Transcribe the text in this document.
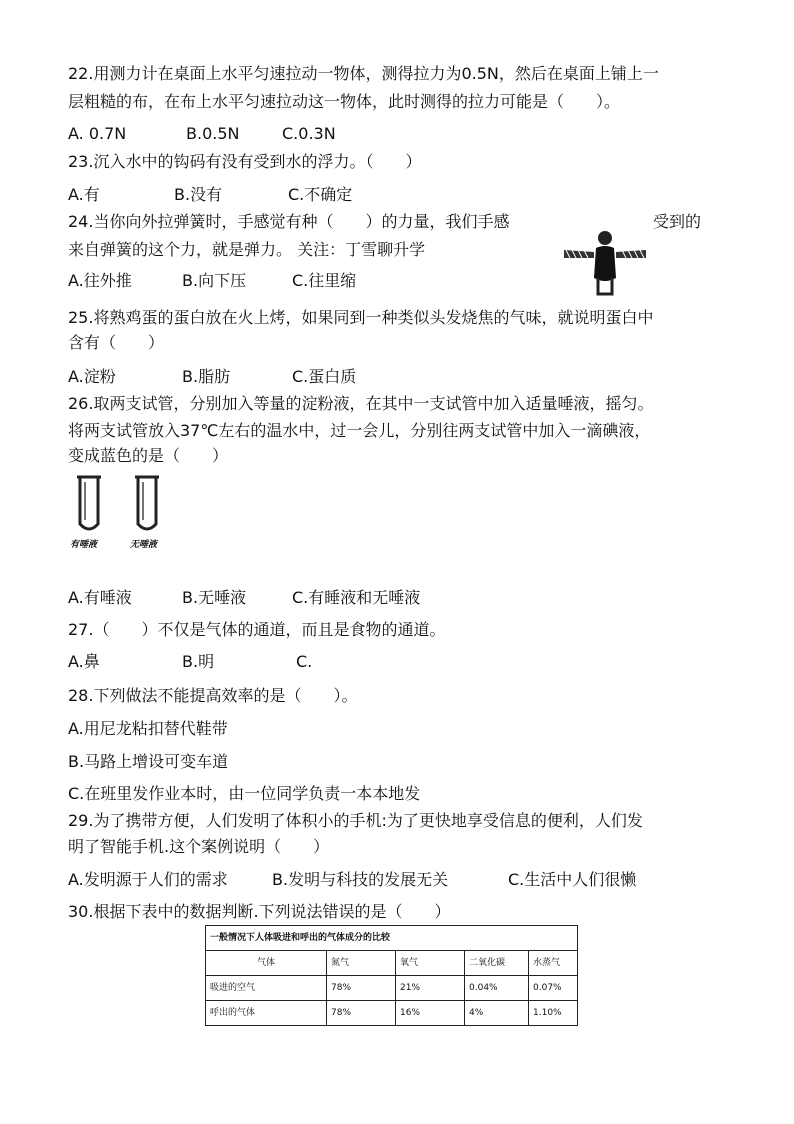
22.用测力计在桌面上水平匀速拉动一物体，测得拉力为0.5N，然后在桌面上铺上一
层粗糙的布，在布上水平匀速拉动这一物体，此时测得的拉力可能是（　　）。
A. 0.7N	B.0.5N	C.0.3N
23.沉入水中的钩码有没有受到水的浮力。（　　）
A.有	B.没有	C.不确定
24.当你向外拉弹簧时，手感觉有种（　　）的力量，我们手感	受到的
来自弹簧的这个力，就是弹力。 关注：丁雪聊升学
A.往外推	B.向下压	C.往里缩
25.将熟鸡蛋的蛋白放在火上烤，如果同到一种类似头发烧焦的气味，就说明蛋白中
含有（　　）
A.淀粉	B.脂肪	C.蛋白质
26.取两支试管，分别加入等量的淀粉液，在其中一支试管中加入适量唾液，摇匀。
将两支试管放入37℃左右的温水中，过一会儿，分别往两支试管中加入一滴碘液，
变成蓝色的是（　　）
有唾液	无唾液
A.有唾液	B.无唾液	C.有睡液和无唾液
27.（　　）不仅是气体的通道，而且是食物的通道。
A.鼻	B.明	C.
28.下列做法不能提高效率的是（　　）。
A.用尼龙粘扣替代鞋带
B.马路上增设可变车道
C.在班里发作业本时，由一位同学负责一本本地发
29.为了携带方便，人们发明了体积小的手机:为了更快地享受信息的便利，人们发
明了智能手机.这个案例说明（　　）
A.发明源于人们的需求	B.发明与科技的发展无关	C.生活中人们很懒
30.根据下表中的数据判断.下列说法错误的是（　　）
一般情况下人体吸进和呼出的气体成分的比较				
气体	氮气	氧气	二氧化碳	水蒸气
吸进的空气	78%	21%	0.04%	0.07%
呼出的气体	78%	16%	4%	1.10%
